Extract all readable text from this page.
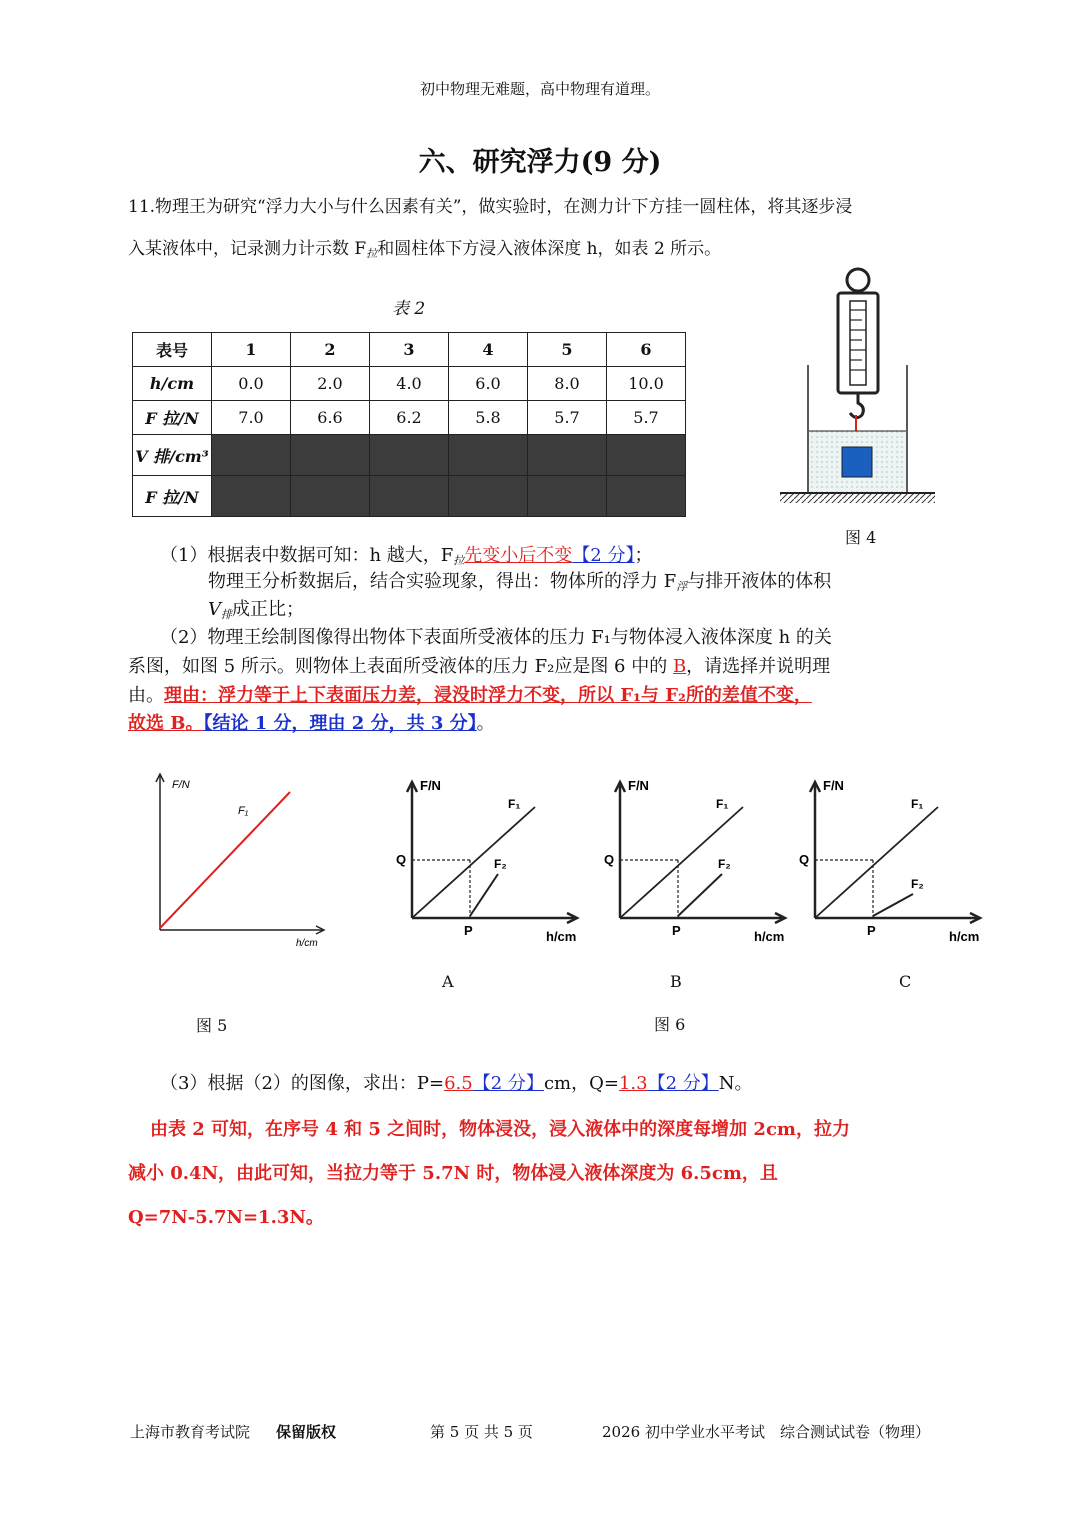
初中物理无难题，高中物理有道理。
六、研究浮力(9 分)
11.物理王为研究“浮力大小与什么因素有关”，做实验时，在测力计下方挂一圆柱体，将其逐步浸
入某液体中，记录测力计示数 $F_拉$和圆柱体下方浸入液体深度 h，如表 2 所示。
表 2
表号	1	2	3	4	5	6
h/cm	0.0	2.0	4.0	6.0	8.0	10.0
F 拉/N	7.0	6.6	6.2	5.8	5.7	5.7
V 排/cm³						
F 拉/N						
图 4
（1）根据表中数据可知：h 越大，$F_拉$先变小后不变【2 分】；
物理王分析数据后，结合实验现象，得出：物体所的浮力 $F_浮$与排开液体的体积
$V_排$成正比；
（2）物理王绘制图像得出物体下表面所受液体的压力 F₁与物体浸入液体深度 h 的关
系图，如图 5 所示。则物体上表面所受液体的压力 F₂应是图 6 中的 B，请选择并说明理
由。理由：浮力等于上下表面压力差，浸没时浮力不变，所以 F₁与 F₂所的差值不变，
故选 B。【结论 1 分，理由 2 分，共 3 分】。
F/N
F₁
h/cm
图 5
F/N
F₁
F₂
Q
P	h/cm
F/N
F₁
F₂
Q
P	h/cm
F/N
F₁
F₂
Q
P	h/cm
A	B	C
图 6
（3）根据（2）的图像，求出：P=6.5【2 分】cm，Q=1.3【2 分】N。
由表 2 可知，在序号 4 和 5 之间时，物体浸没，浸入液体中的深度每增加 2cm，拉力
减小 0.4N，由此可知，当拉力等于 5.7N 时，物体浸入液体深度为 6.5cm，且
Q=7N-5.7N=1.3N。
上海市教育考试院 保留版权	第 5 页 共 5 页	2026 初中学业水平考试　综合测试试卷（物理）
